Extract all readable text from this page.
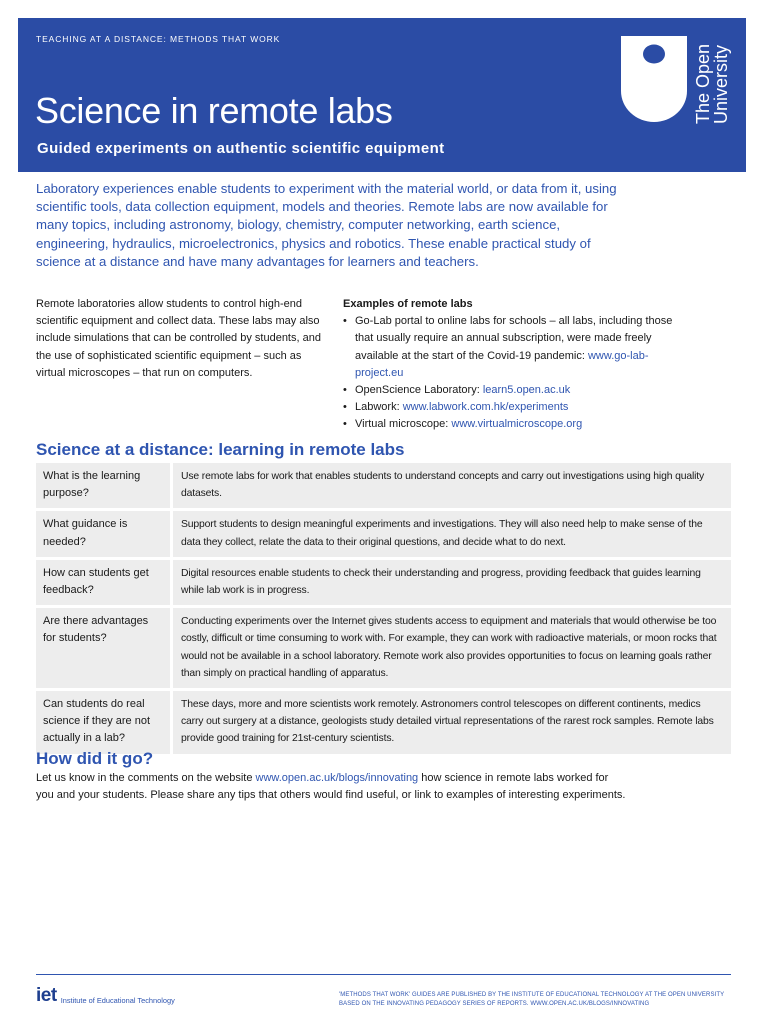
TEACHING AT A DISTANCE: METHODS THAT WORK
Science in remote labs
Guided experiments on authentic scientific equipment
The Open
University

Laboratory experiences enable students to experiment with the material world, or data from it, using scientific tools, data collection equipment, models and theories. Remote labs are now available for many topics, including astronomy, biology, chemistry, computer networking, earth science, engineering, hydraulics, microelectronics, physics and robotics. These enable practical study of science at a distance and have many advantages for learners and teachers.

Remote laboratories allow students to control high-end scientific equipment and collect data. These labs may also include simulations that can be controlled by students, and the use of sophisticated scientific equipment – such as virtual microscopes – that run on computers.

Examples of remote labs
• Go-Lab portal to online labs for schools – all labs, including those that usually require an annual subscription, were made freely available at the start of the Covid-19 pandemic: www.go-lab-project.eu
• OpenScience Laboratory: learn5.open.ac.uk
• Labwork: www.labwork.com.hk/experiments
• Virtual microscope: www.virtualmicroscope.org
Science at a distance: learning in remote labs
What is the learning purpose?
Use remote labs for work that enables students to understand concepts and carry out investigations using high quality datasets.
What guidance is needed?
Support students to design meaningful experiments and investigations. They will also need help to make sense of the data they collect, relate the data to their original questions, and decide what to do next.
How can students get feedback?
Digital resources enable students to check their understanding and progress, providing feedback that guides learning while lab work is in progress.
Are there advantages for students?
Conducting experiments over the Internet gives students access to equipment and materials that would otherwise be too costly, difficult or time consuming to work with. For example, they can work with radioactive materials, or moon rocks that would not be available in a school laboratory. Remote work also provides opportunities to focus on learning goals rather than simply on practical handling of apparatus.
Can students do real science if they are not actually in a lab?
These days, more and more scientists work remotely. Astronomers control telescopes on different continents, medics carry out surgery at a distance, geologists study detailed virtual representations of the rarest rock samples. Remote labs provide good training for 21st-century scientists.
How did it go?

Let us know in the comments on the website www.open.ac.uk/blogs/innovating how science in remote labs worked for you and your students. Please share any tips that others would find useful, or link to examples of interesting experiments.

iet Institute of Educational Technology
'METHODS THAT WORK' GUIDES ARE PUBLISHED BY THE INSTITUTE OF EDUCATIONAL TECHNOLOGY AT THE OPEN UNIVERSITY BASED ON THE INNOVATING PEDAGOGY SERIES OF REPORTS. WWW.OPEN.AC.UK/BLOGS/INNOVATING
